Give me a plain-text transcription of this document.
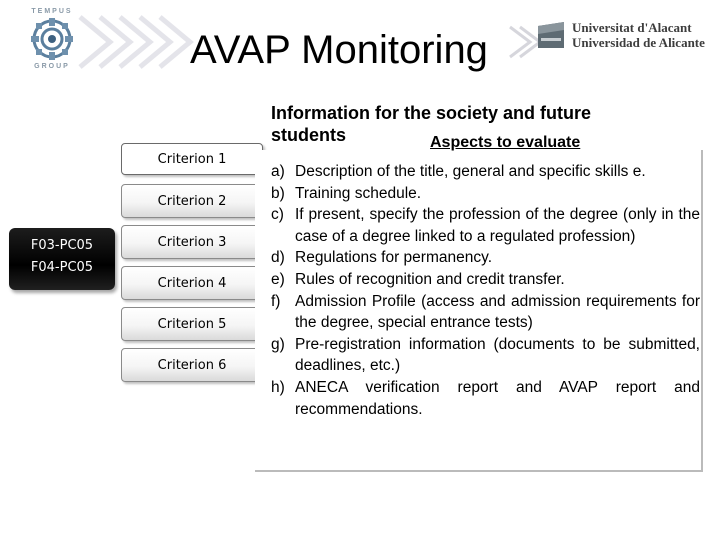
TEMPUS
GROUP	AVAP Monitoring
Universitat d'Alacant
Universidad de Alicante
F03-PC05
F04-PC05
Criterion 1
Criterion 2
Criterion 3
Criterion 4
Criterion 5
Criterion 6
Information for the society and future
students	Aspects to evaluate
a) Description of the title, general and specific skills e.
b) Training schedule.
c) If present, specify the profession of the degree (only in the case of a degree linked to a regulated profession)
d) Regulations for permanency.
e) Rules of recognition and credit transfer.
f) Admission Profile (access and admission requirements for the degree, special entrance tests)
g) Pre-registration information (documents to be submitted, deadlines, etc.)
h) ANECA verification report and AVAP report and recommendations.
